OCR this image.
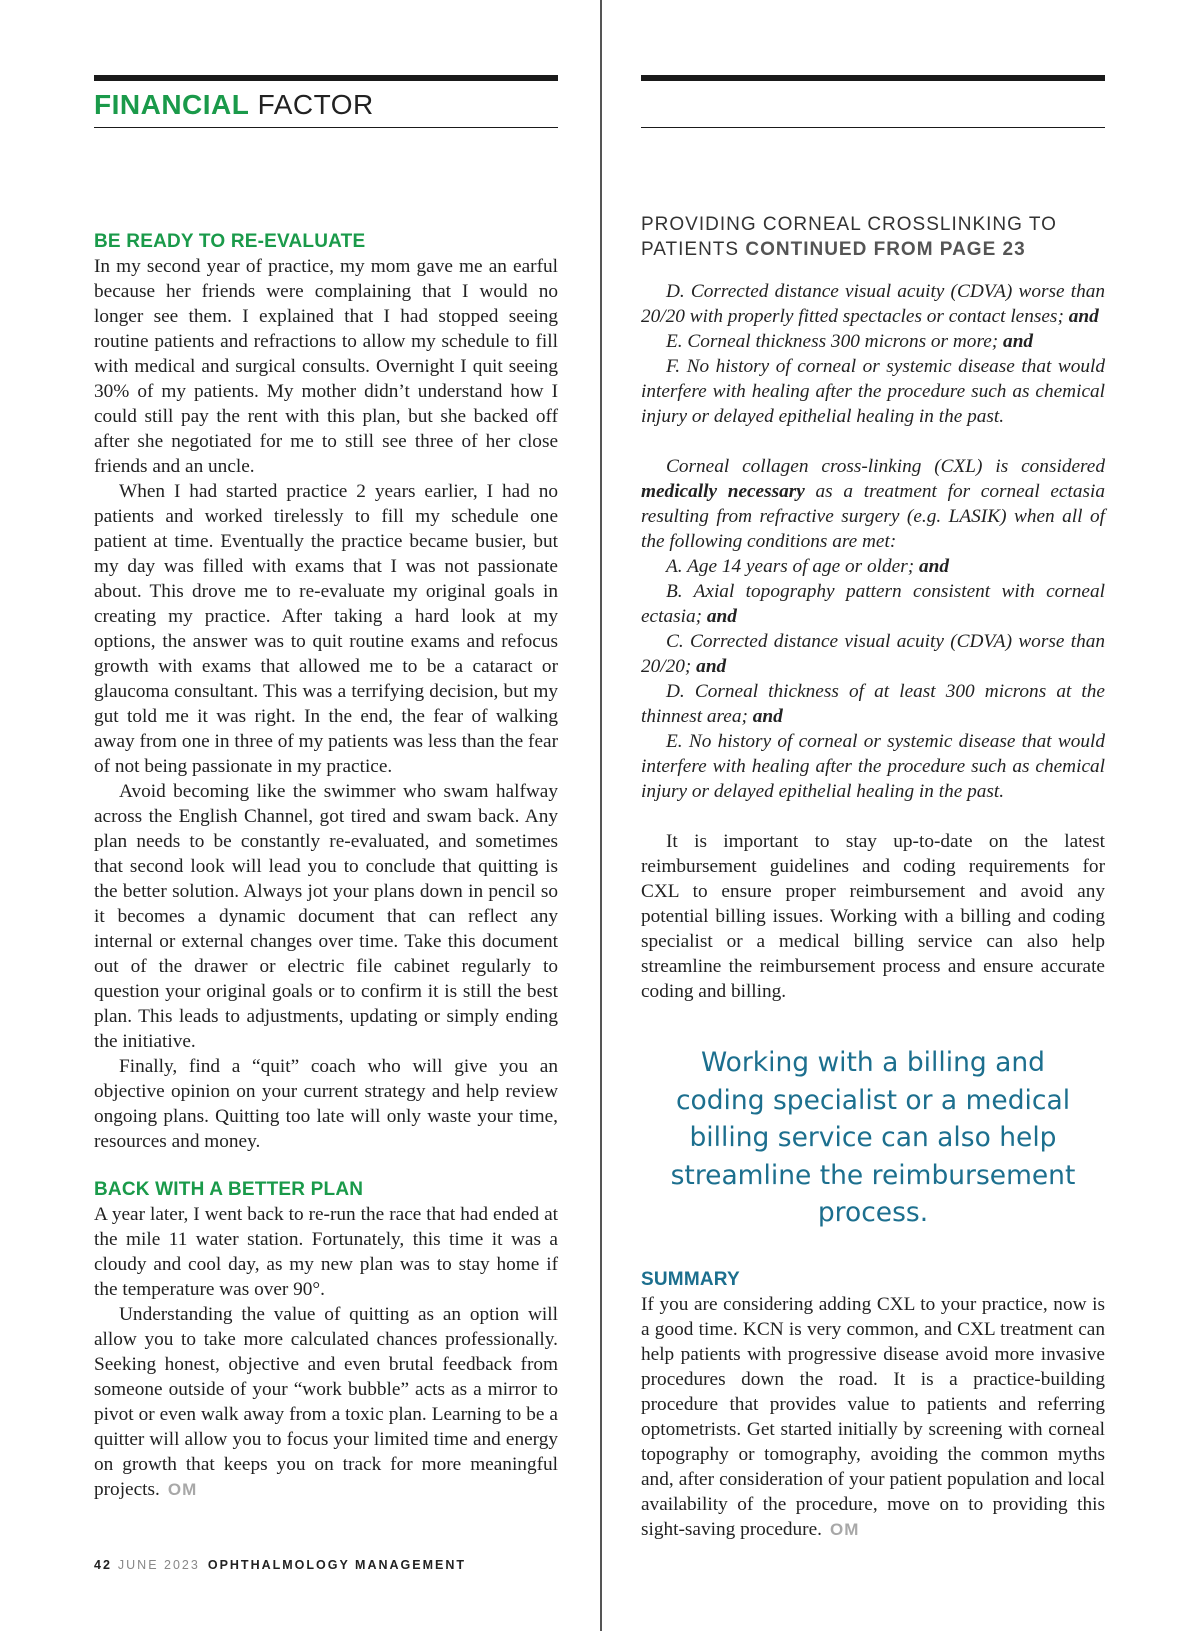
FINANCIAL FACTOR

BE READY TO RE-EVALUATE

In my second year of practice, my mom gave me an earful because her friends were complaining that I would no longer see them. I explained that I had stopped seeing routine patients and refractions to allow my schedule to fill with medical and surgical consults. Overnight I quit seeing 30% of my patients. My mother didn’t understand how I could still pay the rent with this plan, but she backed off after she negotiated for me to still see three of her close friends and an uncle.

When I had started practice 2 years earlier, I had no patients and worked tirelessly to fill my schedule one patient at time. Eventually the practice became busier, but my day was filled with exams that I was not passionate about. This drove me to re-evaluate my original goals in creating my practice. After taking a hard look at my options, the answer was to quit routine exams and refocus growth with exams that allowed me to be a cataract or glaucoma consultant. This was a terrifying decision, but my gut told me it was right. In the end, the fear of walking away from one in three of my patients was less than the fear of not being passionate in my practice.

Avoid becoming like the swimmer who swam halfway across the English Channel, got tired and swam back. Any plan needs to be constantly re-evaluated, and sometimes that second look will lead you to conclude that quitting is the better solution. Always jot your plans down in pencil so it becomes a dynamic document that can reflect any internal or external changes over time. Take this document out of the drawer or electric file cabinet regularly to question your original goals or to confirm it is still the best plan. This leads to adjustments, updating or simply ending the initiative.

Finally, find a “quit” coach who will give you an objective opinion on your current strategy and help review ongoing plans. Quitting too late will only waste your time, resources and money.

BACK WITH A BETTER PLAN

A year later, I went back to re-run the race that had ended at the mile 11 water station. Fortunately, this time it was a cloudy and cool day, as my new plan was to stay home if the temperature was over 90°.

Understanding the value of quitting as an option will allow you to take more calculated chances professionally. Seeking honest, objective and even brutal feedback from someone outside of your “work bubble” acts as a mirror to pivot or even walk away from a toxic plan. Learning to be a quitter will allow you to focus your limited time and energy on growth that keeps you on track for more meaningful projects. OM

PROVIDING CORNEAL CROSSLINKING TO PATIENTS CONTINUED FROM PAGE 23

D. Corrected distance visual acuity (CDVA) worse than 20/20 with properly fitted spectacles or contact lenses; and

E. Corneal thickness 300 microns or more; and

F. No history of corneal or systemic disease that would interfere with healing after the procedure such as chemical injury or delayed epithelial healing in the past.

Corneal collagen cross-linking (CXL) is considered medically necessary as a treatment for corneal ectasia resulting from refractive surgery (e.g. LASIK) when all of the following conditions are met:

A. Age 14 years of age or older; and

B. Axial topography pattern consistent with corneal ectasia; and

C. Corrected distance visual acuity (CDVA) worse than 20/20; and

D. Corneal thickness of at least 300 microns at the thinnest area; and

E. No history of corneal or systemic disease that would interfere with healing after the procedure such as chemical injury or delayed epithelial healing in the past.

It is important to stay up-to-date on the latest reimbursement guidelines and coding requirements for CXL to ensure proper reimbursement and avoid any potential billing issues. Working with a billing and coding specialist or a medical billing service can also help streamline the reimbursement process and ensure accurate coding and billing.

Working with a billing and coding specialist or a medical billing service can also help streamline the reimbursement process.

SUMMARY

If you are considering adding CXL to your practice, now is a good time. KCN is very common, and CXL treatment can help patients with progressive disease avoid more invasive procedures down the road. It is a practice-building procedure that provides value to patients and referring optometrists. Get started initially by screening with corneal topography or tomography, avoiding the common myths and, after consideration of your patient population and local availability of the procedure, move on to providing this sight-saving procedure. OM

42 JUNE 2023 OPHTHALMOLOGY MANAGEMENT
